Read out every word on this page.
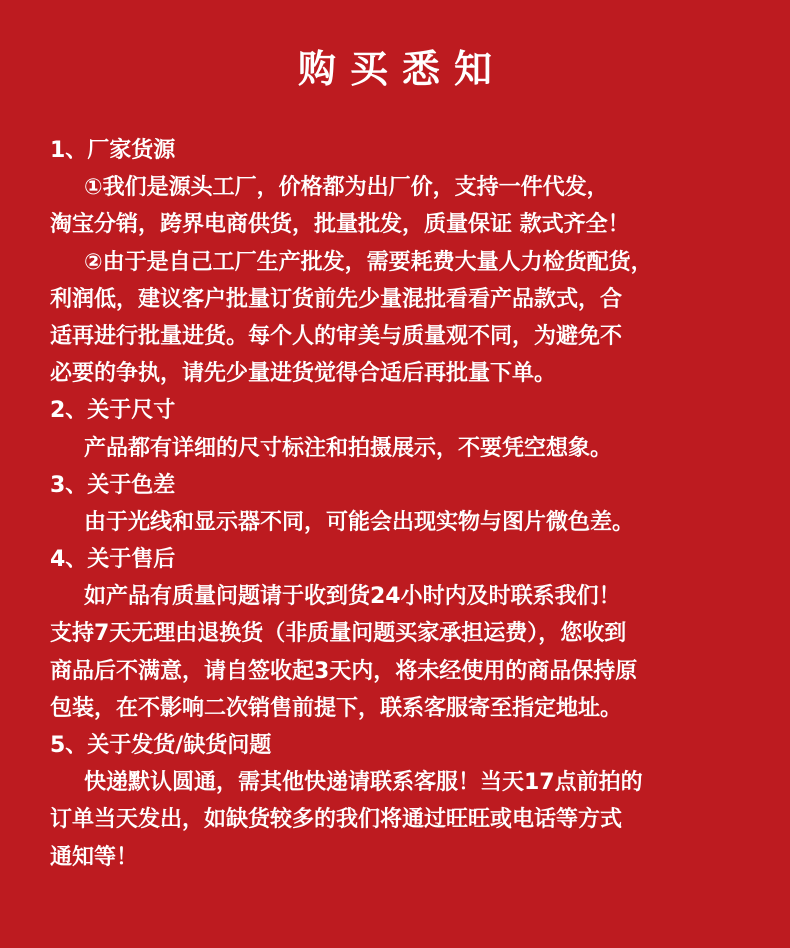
购买悉知
1、厂家货源
①我们是源头工厂，价格都为出厂价，支持一件代发，
淘宝分销，跨界电商供货，批量批发，质量保证 款式齐全！
②由于是自己工厂生产批发，需要耗费大量人力检货配货，
利润低，建议客户批量订货前先少量混批看看产品款式，合
适再进行批量进货。每个人的审美与质量观不同，为避免不
必要的争执，请先少量进货觉得合适后再批量下单。
2、关于尺寸
产品都有详细的尺寸标注和拍摄展示，不要凭空想象。
3、关于色差
由于光线和显示器不同，可能会出现实物与图片微色差。
4、关于售后
如产品有质量问题请于收到货24小时内及时联系我们！
支持7天无理由退换货（非质量问题买家承担运费），您收到
商品后不满意，请自签收起3天内，将未经使用的商品保持原
包装，在不影响二次销售前提下，联系客服寄至指定地址。
5、关于发货/缺货问题
快递默认圆通，需其他快递请联系客服！当天17点前拍的
订单当天发出，如缺货较多的我们将通过旺旺或电话等方式
通知等！
